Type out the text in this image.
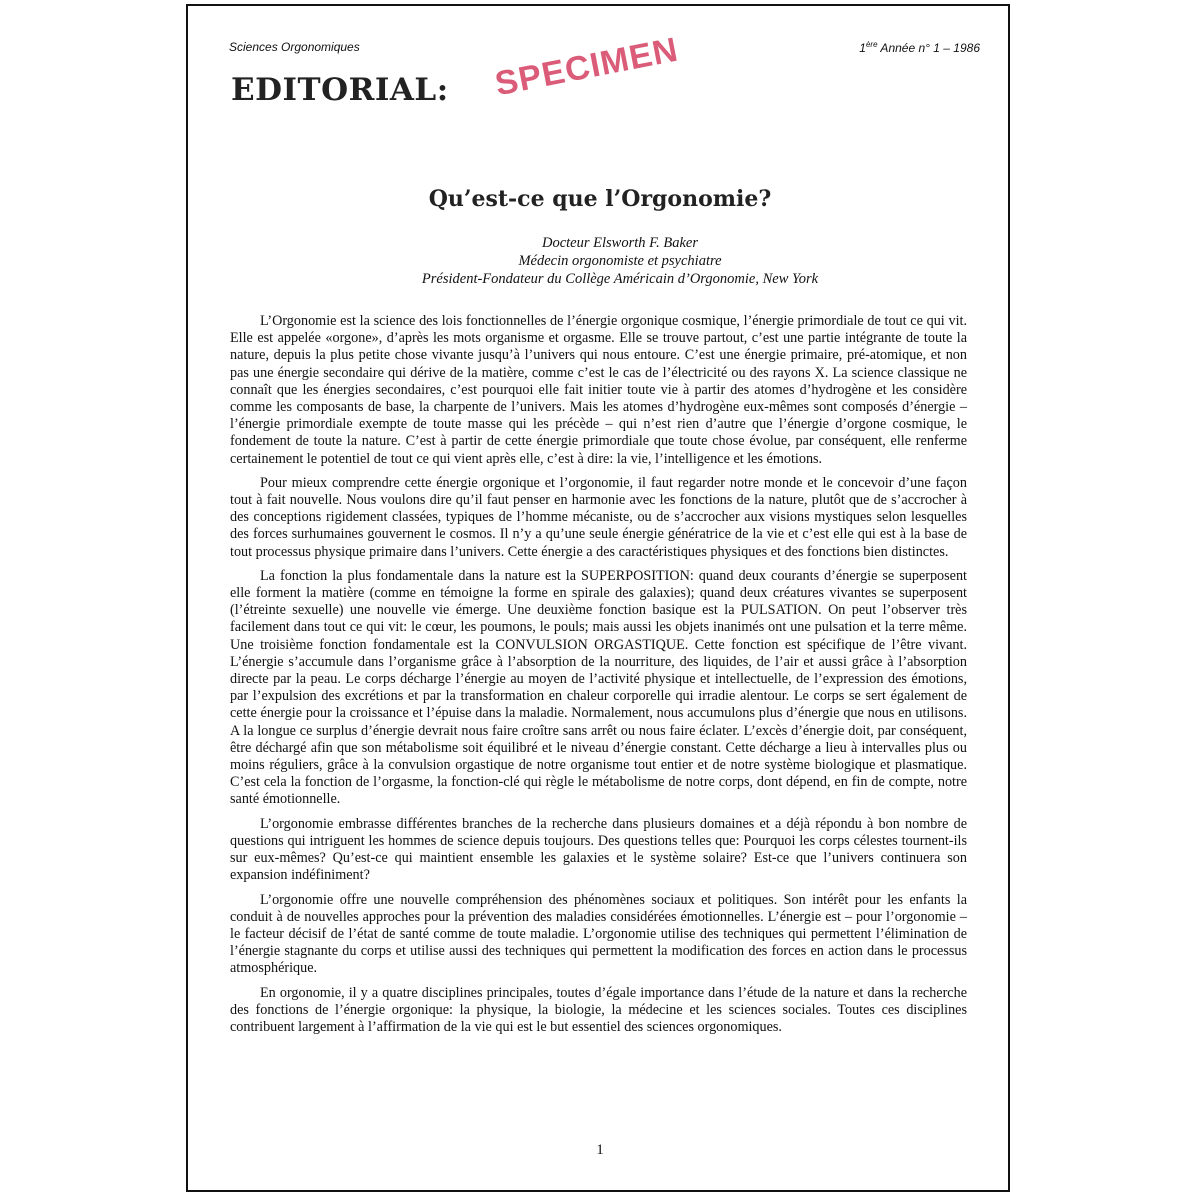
Sciences Orgonomiques	1ère Année n° 1 – 1986
EDITORIAL: SPECIMEN
Qu’est-ce que l’Orgonomie?
Docteur Elsworth F. Baker
Médecin orgonomiste et psychiatre
Président-Fondateur du Collège Américain d’Orgonomie, New York

L’Orgonomie est la science des lois fonctionnelles de l’énergie orgonique cosmique, l’énergie primordiale de tout ce qui vit. Elle est appelée «orgone», d’après les mots organisme et orgasme. Elle se trouve partout, c’est une partie intégrante de toute la nature, depuis la plus petite chose vivante jusqu’à l’univers qui nous entoure. C’est une énergie primaire, pré-atomique, et non pas une énergie secondaire qui dérive de la matière, comme c’est le cas de l’électricité ou des rayons X. La science classique ne connaît que les énergies secondaires, c’est pourquoi elle fait initier toute vie à partir des atomes d’hydrogène et les considère comme les composants de base, la charpente de l’univers. Mais les atomes d’hydrogène eux-mêmes sont composés d’énergie – l’énergie primordiale exempte de toute masse qui les précède – qui n’est rien d’autre que l’énergie d’orgone cosmique, le fondement de toute la nature. C’est à partir de cette énergie primordiale que toute chose évolue, par conséquent, elle renferme certainement le potentiel de tout ce qui vient après elle, c’est à dire: la vie, l’intelligence et les émotions.

Pour mieux comprendre cette énergie orgonique et l’orgonomie, il faut regarder notre monde et le concevoir d’une façon tout à fait nouvelle. Nous voulons dire qu’il faut penser en harmonie avec les fonctions de la nature, plutôt que de s’accrocher à des conceptions rigidement classées, typiques de l’homme mécaniste, ou de s’accrocher aux visions mystiques selon lesquelles des forces surhumaines gouvernent le cosmos. Il n’y a qu’une seule énergie génératrice de la vie et c’est elle qui est à la base de tout processus physique primaire dans l’univers. Cette énergie a des caractéristiques physiques et des fonctions bien distinctes.

La fonction la plus fondamentale dans la nature est la SUPERPOSITION: quand deux courants d’énergie se superposent elle forment la matière (comme en témoigne la forme en spirale des galaxies); quand deux créatures vivantes se superposent (l’étreinte sexuelle) une nouvelle vie émerge. Une deuxième fonction basique est la PULSATION. On peut l’observer très facilement dans tout ce qui vit: le cœur, les poumons, le pouls; mais aussi les objets inanimés ont une pulsation et la terre même. Une troisième fonction fondamentale est la CONVULSION ORGASTIQUE. Cette fonction est spécifique de l’être vivant. L’énergie s’accumule dans l’organisme grâce à l’absorption de la nourriture, des liquides, de l’air et aussi grâce à l’absorption directe par la peau. Le corps décharge l’énergie au moyen de l’activité physique et intellectuelle, de l’expression des émotions, par l’expulsion des excrétions et par la transformation en chaleur corporelle qui irradie alentour. Le corps se sert également de cette énergie pour la croissance et l’épuise dans la maladie. Normalement, nous accumulons plus d’énergie que nous en utilisons. A la longue ce surplus d’énergie devrait nous faire croître sans arrêt ou nous faire éclater. L’excès d’énergie doit, par conséquent, être déchargé afin que son métabolisme soit équilibré et le niveau d’énergie constant. Cette décharge a lieu à intervalles plus ou moins réguliers, grâce à la convulsion orgastique de notre organisme tout entier et de notre système biologique et plasmatique. C’est cela la fonction de l’orgasme, la fonction-clé qui règle le métabolisme de notre corps, dont dépend, en fin de compte, notre santé émotionnelle.

L’orgonomie embrasse différentes branches de la recherche dans plusieurs domaines et a déjà répondu à bon nombre de questions qui intriguent les hommes de science depuis toujours. Des questions telles que: Pourquoi les corps célestes tournent-ils sur eux-mêmes? Qu’est-ce qui maintient ensemble les galaxies et le système solaire? Est-ce que l’univers continuera son expansion indéfiniment?

L’orgonomie offre une nouvelle compréhension des phénomènes sociaux et politiques. Son intérêt pour les enfants la conduit à de nouvelles approches pour la prévention des maladies considérées émotionnelles. L’énergie est – pour l’orgonomie – le facteur décisif de l’état de santé comme de toute maladie. L’orgonomie utilise des techniques qui permettent l’élimination de l’énergie stagnante du corps et utilise aussi des techniques qui permettent la modification des forces en action dans le processus atmosphérique.

En orgonomie, il y a quatre disciplines principales, toutes d’égale importance dans l’étude de la nature et dans la recherche des fonctions de l’énergie orgonique: la physique, la biologie, la médecine et les sciences sociales. Toutes ces disciplines contribuent largement à l’affirmation de la vie qui est le but essentiel des sciences orgonomiques.

1
